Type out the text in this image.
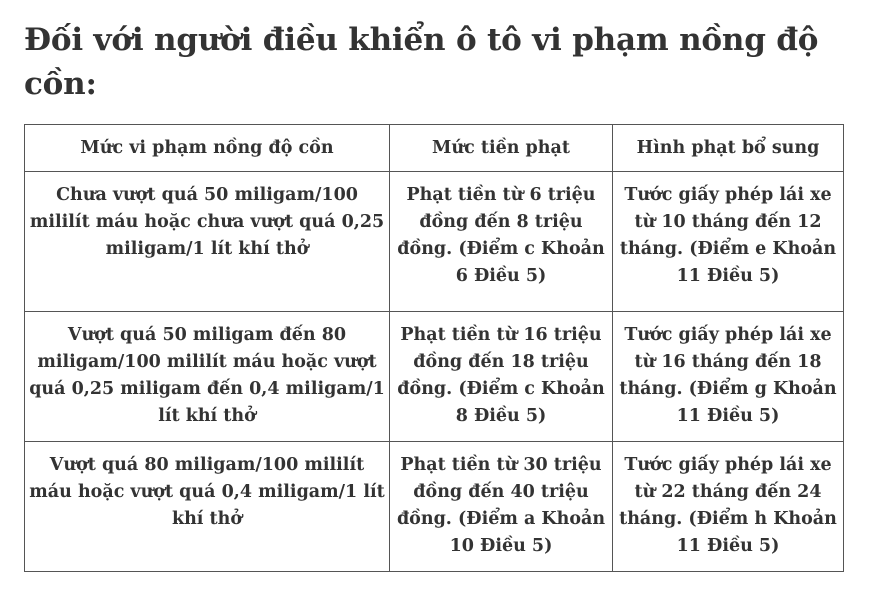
Đối với người điều khiển ô tô vi phạm nồng độ cồn:
Mức vi phạm nồng độ cồn	Mức tiền phạt	Hình phạt bổ sung

Chưa vượt quá 50 miligam/100 mililít máu hoặc chưa vượt quá 0,25 miligam/1 lít khí thở	Phạt tiền từ 6 triệu đồng đến 8 triệu đồng. (Điểm c Khoản 6 Điều 5)	Tước giấy phép lái xe từ 10 tháng đến 12 tháng. (Điểm e Khoản 11 Điều 5)

Vượt quá 50 miligam đến 80 miligam/100 mililít máu hoặc vượt quá 0,25 miligam đến 0,4 miligam/1 lít khí thở	Phạt tiền từ 16 triệu đồng đến 18 triệu đồng. (Điểm c Khoản 8 Điều 5)	Tước giấy phép lái xe từ 16 tháng đến 18 tháng. (Điểm g Khoản 11 Điều 5)

Vượt quá 80 miligam/100 mililít máu hoặc vượt quá 0,4 miligam/1 lít khí thở	Phạt tiền từ 30 triệu đồng đến 40 triệu đồng. (Điểm a Khoản 10 Điều 5)	Tước giấy phép lái xe từ 22 tháng đến 24 tháng. (Điểm h Khoản 11 Điều 5)
